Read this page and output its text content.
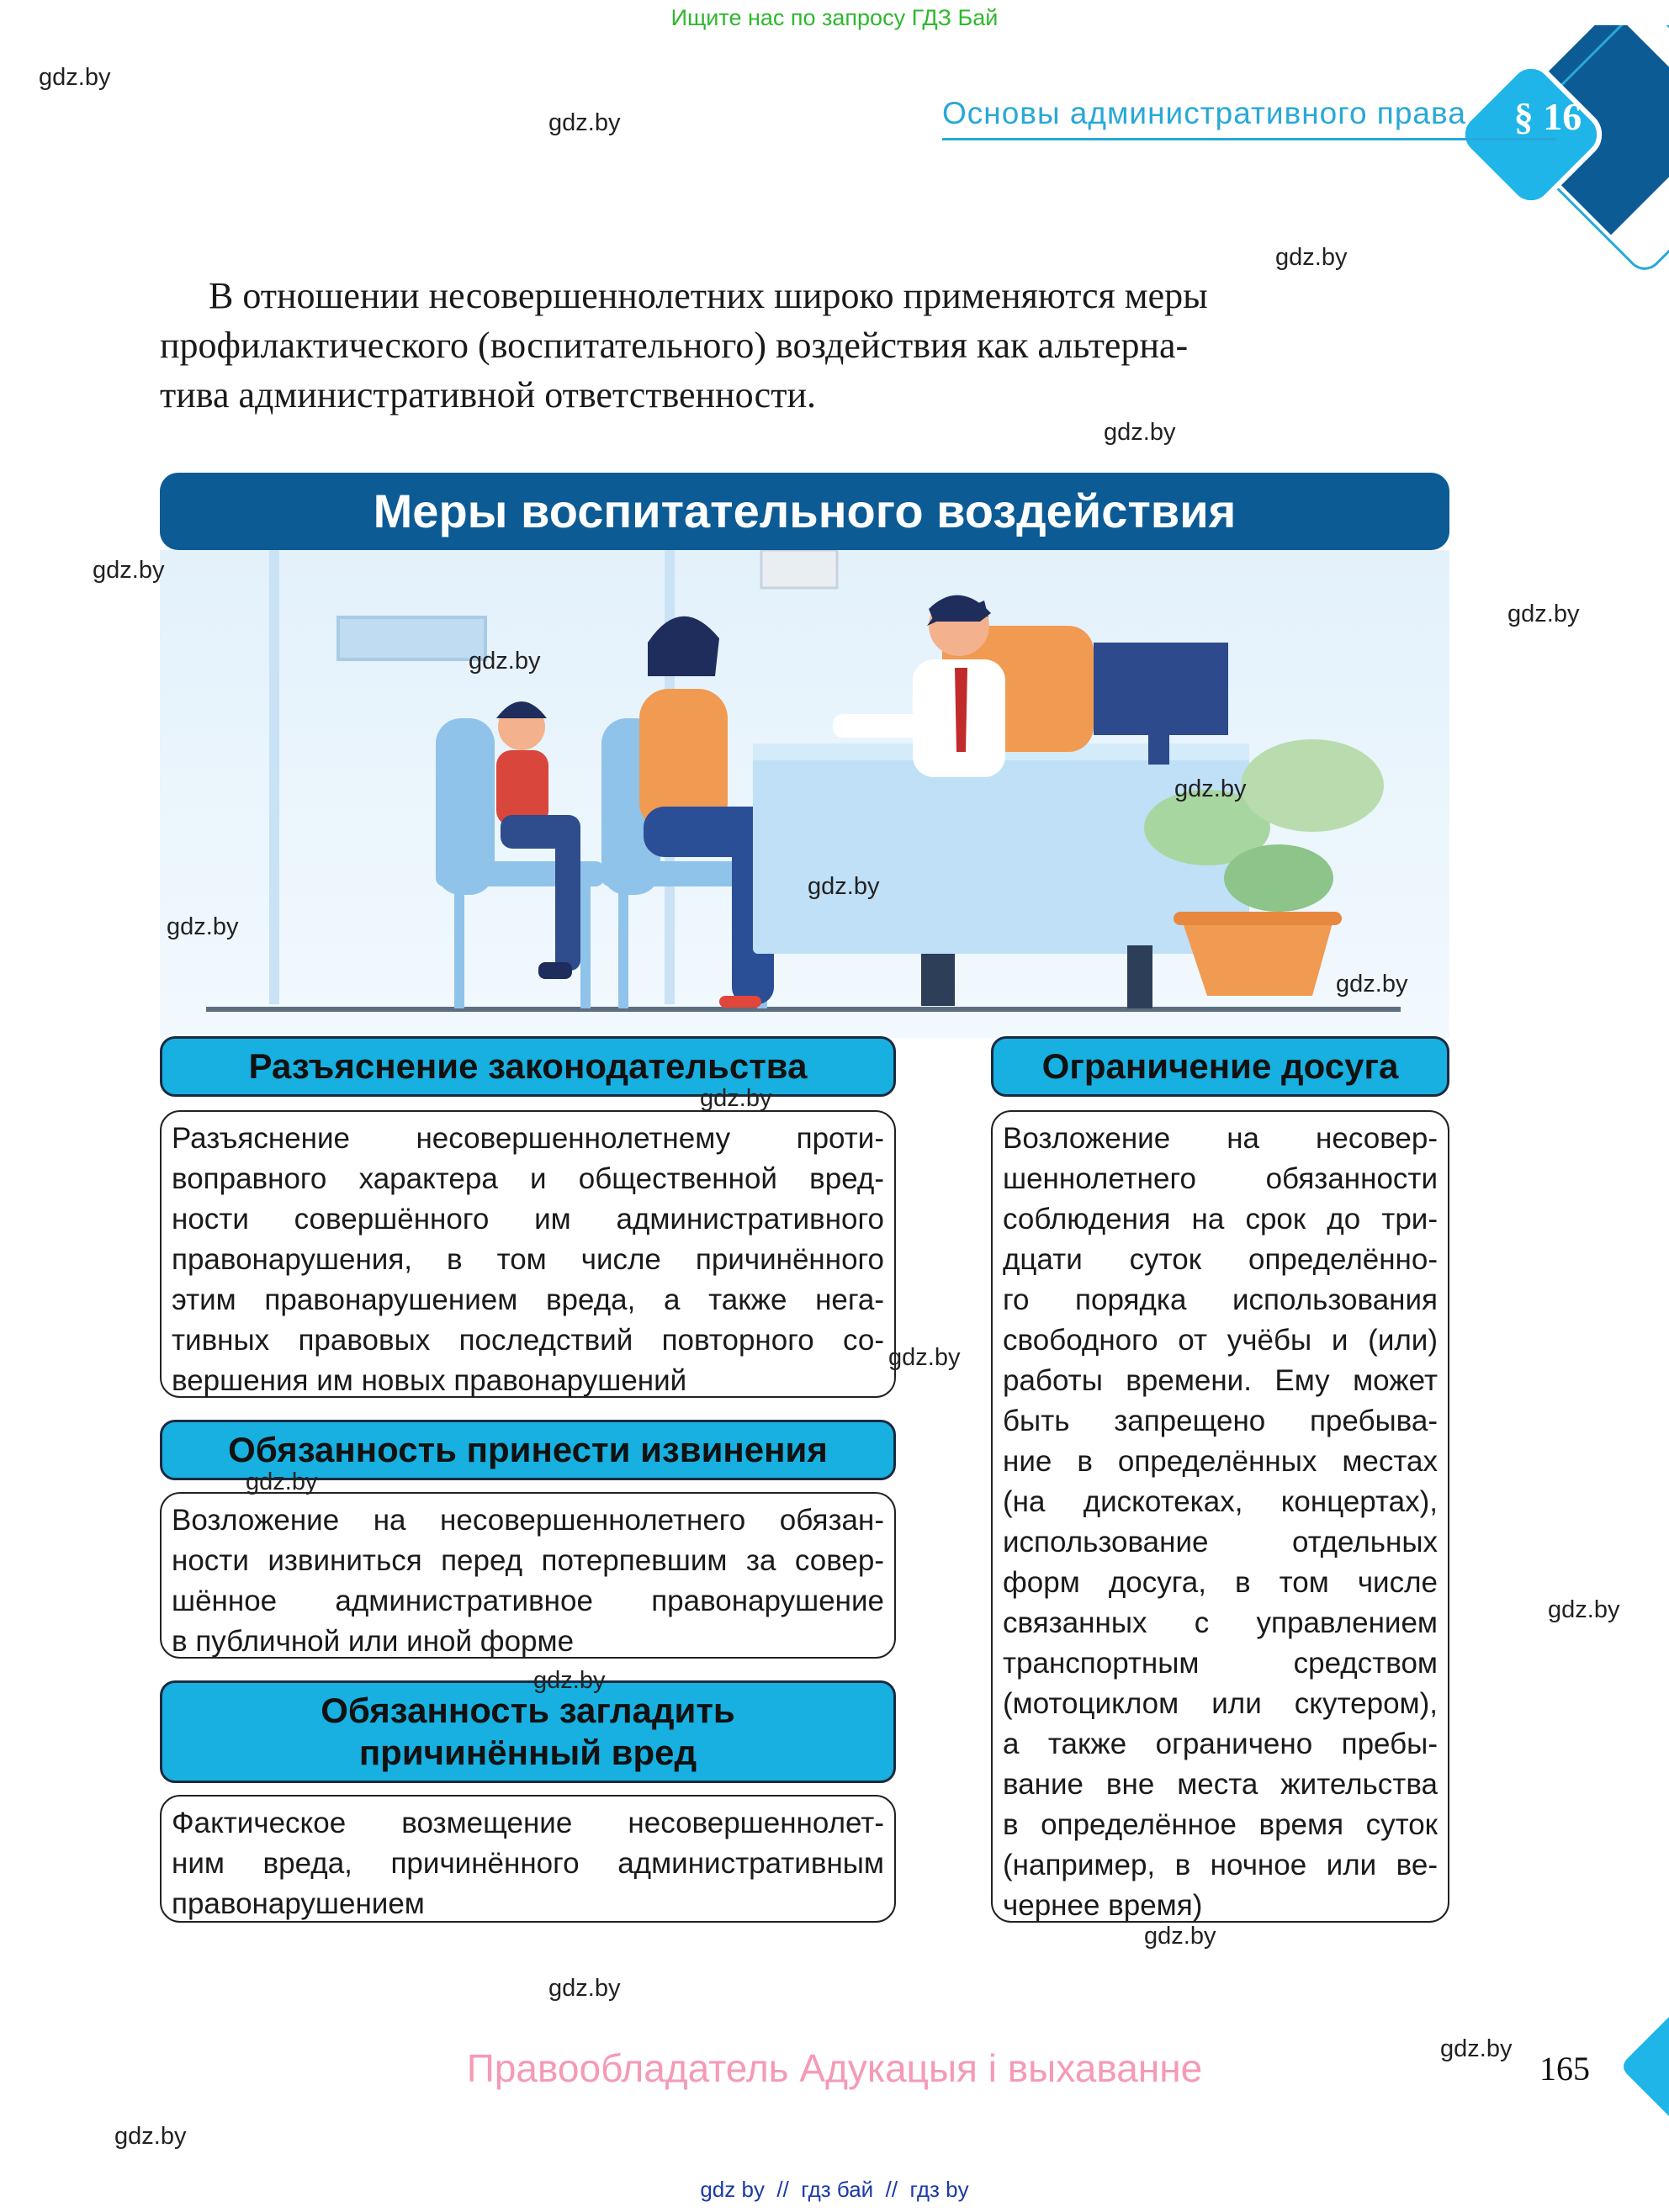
Ищите нас по запросу ГДЗ Бай
§ 16
Основы административного права
В отношении несовершеннолетних широко применяются меры
профилактического (воспитательного) воздействия как альтерна-
тива административной ответственности.
Меры воспитательного воздействия
Разъяснение законодательства
Разъяснение несовершеннолетнему проти-
воправного характера и общественной вред-
ности совершённого им административного
правонарушения, в том числе причинённого
этим правонарушением вреда, а также нега-
тивных правовых последствий повторного со-
вершения им новых правонарушений
Обязанность принести извинения
Возложение на несовершеннолетнего обязан-
ности извиниться перед потерпевшим за совер-
шённое административное правонарушение
в публичной или иной форме
Обязанность загладить
причинённый вред
Фактическое возмещение несовершеннолет-
ним вреда, причинённого административным
правонарушением
Ограничение досуга
Возложение на несовер-
шеннолетнего обязанности
соблюдения на срок до три-
дцати суток определённо-
го порядка использования
свободного от учёбы и (или)
работы времени. Ему может
быть запрещено пребыва-
ние в определённых местах
(на дискотеках, концертах),
использование отдельных
форм досуга, в том числе
связанных с управлением
транспортным средством
(мотоциклом или скутером),
а также ограничено пребы-
вание вне места жительства
в определённое время суток
(например, в ночное или ве-
чернее время)
gdz.by
gdz.by
gdz.by
gdz.by
gdz.by
gdz.by
gdz.by
gdz.by
gdz.by
gdz.by
gdz.by
gdz.by
gdz.by
gdz.by
gdz.by
gdz.by
gdz.by
gdz.by
gdz.by
gdz.by
Правообладатель Адукацыя і выхаванне	165
gdz by  //  гдз бай  //  гдз by
